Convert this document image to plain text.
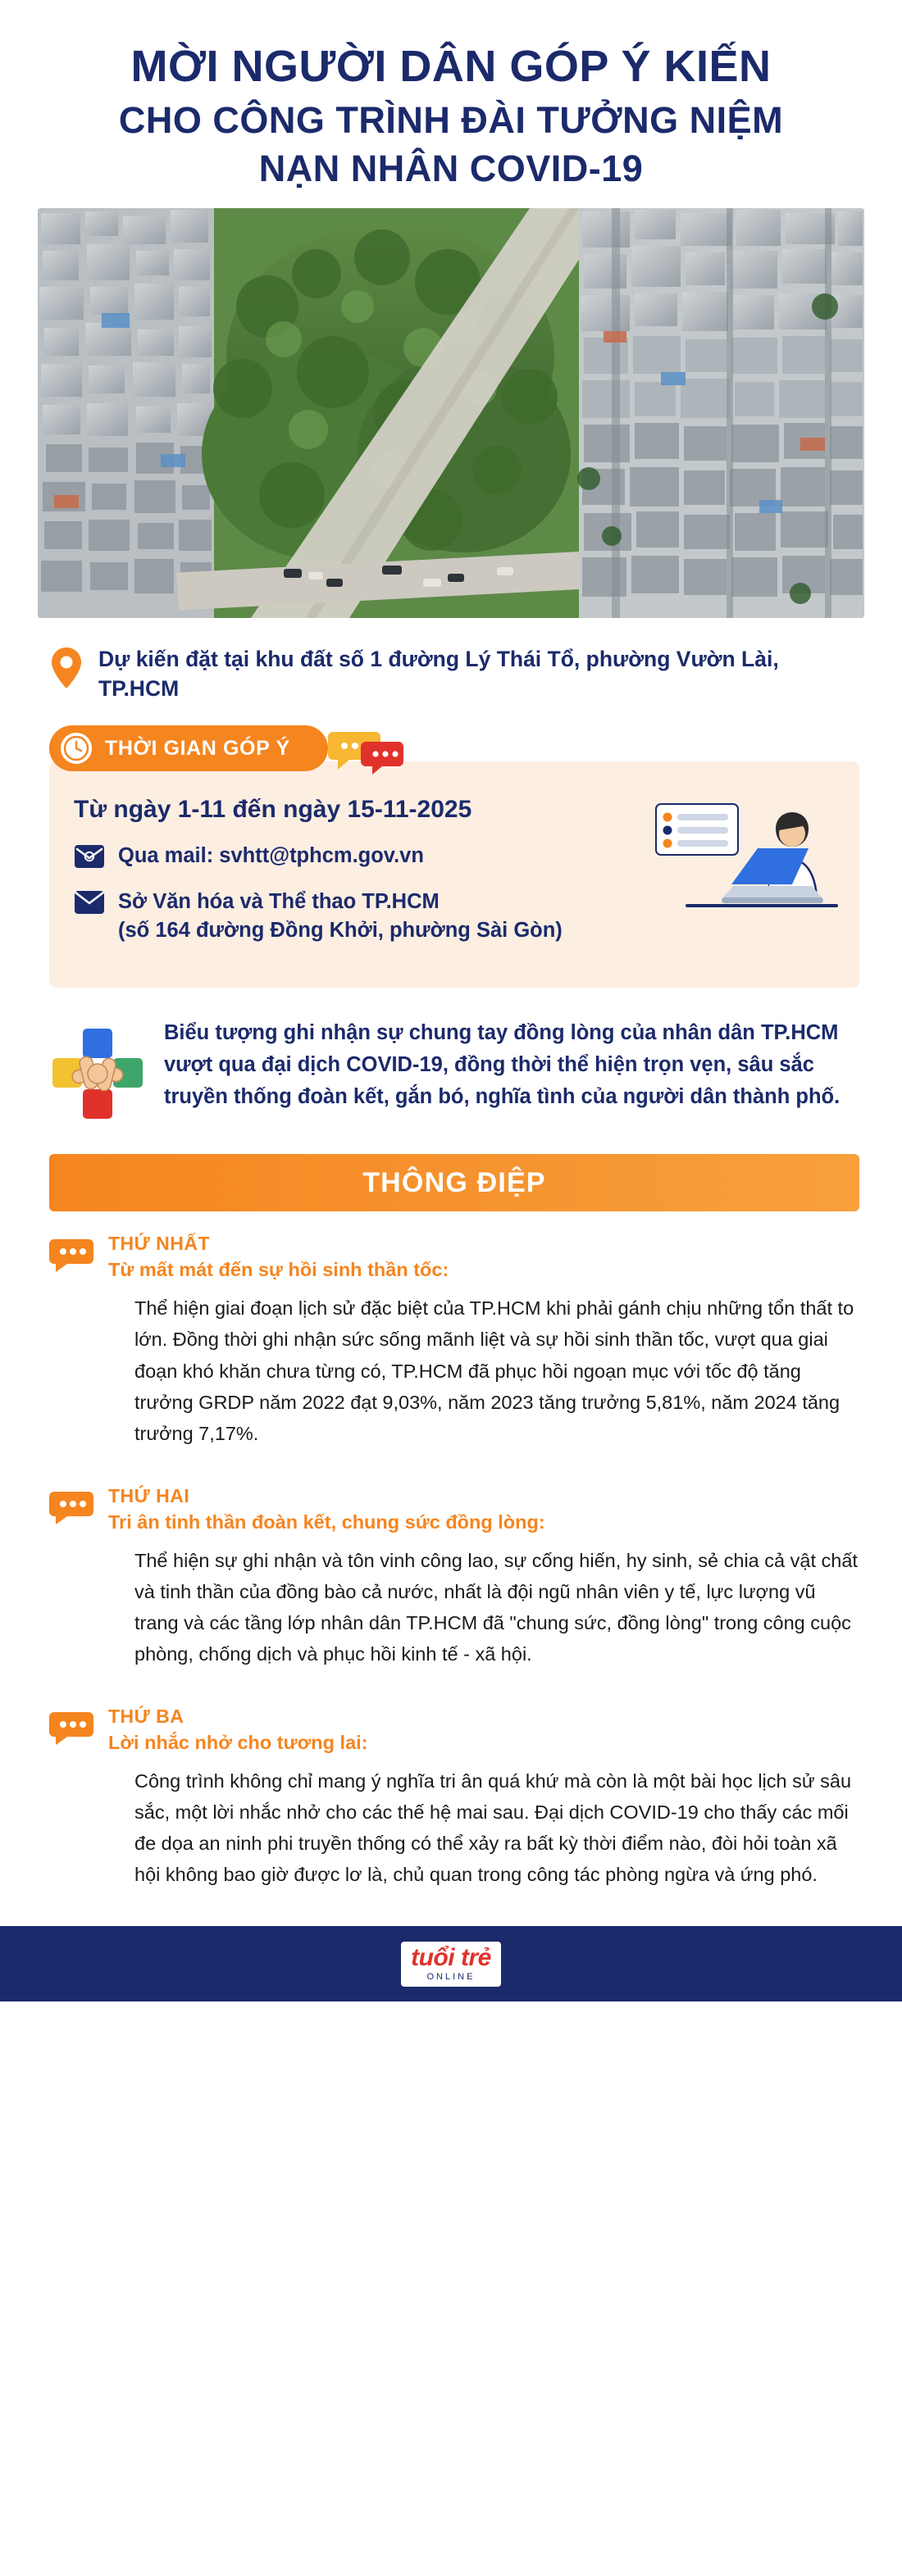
MỜI NGƯỜI DÂN GÓP Ý KIẾN
CHO CÔNG TRÌNH ĐÀI TƯỞNG NIỆM
NẠN NHÂN COVID-19
Dự kiến đặt tại khu đất số 1 đường Lý Thái Tổ, phường Vườn Lài, TP.HCM
THỜI GIAN GÓP Ý
Từ ngày 1-11 đến ngày 15-11-2025
Qua mail: svhtt@tphcm.gov.vn
Sở Văn hóa và Thể thao TP.HCM
(số 164 đường Đồng Khởi, phường Sài Gòn)
Biểu tượng ghi nhận sự chung tay đồng lòng của nhân dân TP.HCM vượt qua đại dịch COVID-19, đồng thời thể hiện trọn vẹn, sâu sắc truyền thống đoàn kết, gắn bó, nghĩa tình của người dân thành phố.
THÔNG ĐIỆP
THỨ NHẤT
Từ mất mát đến sự hồi sinh thần tốc:
Thể hiện giai đoạn lịch sử đặc biệt của TP.HCM khi phải gánh chịu những tổn thất to lớn. Đồng thời ghi nhận sức sống mãnh liệt và sự hồi sinh thần tốc, vượt qua giai đoạn khó khăn chưa từng có, TP.HCM đã phục hồi ngoạn mục với tốc độ tăng trưởng GRDP năm 2022 đạt 9,03%, năm 2023 tăng trưởng 5,81%, năm 2024 tăng trưởng 7,17%.
THỨ HAI
Tri ân tinh thần đoàn kết, chung sức đồng lòng:
Thể hiện sự ghi nhận và tôn vinh công lao, sự cống hiến, hy sinh, sẻ chia cả vật chất và tinh thần của đồng bào cả nước, nhất là đội ngũ nhân viên y tế, lực lượng vũ trang và các tầng lớp nhân dân TP.HCM đã "chung sức, đồng lòng" trong công cuộc phòng, chống dịch và phục hồi kinh tế - xã hội.
THỨ BA
Lời nhắc nhở cho tương lai:
Công trình không chỉ mang ý nghĩa tri ân quá khứ mà còn là một bài học lịch sử sâu sắc, một lời nhắc nhở cho các thế hệ mai sau. Đại dịch COVID-19 cho thấy các mối đe dọa an ninh phi truyền thống có thể xảy ra bất kỳ thời điểm nào, đòi hỏi toàn xã hội không bao giờ được lơ là, chủ quan trong công tác phòng ngừa và ứng phó.
tuổi trẻ
ONLINE
